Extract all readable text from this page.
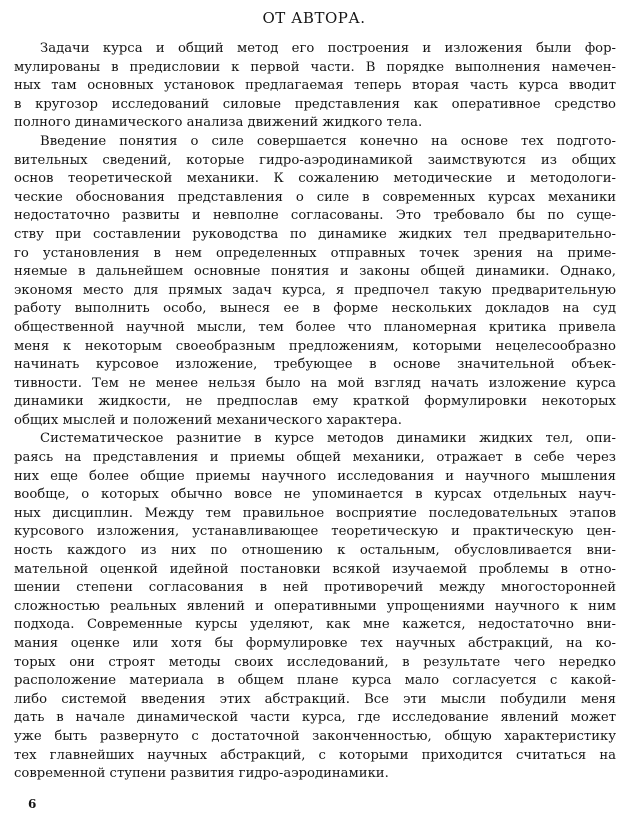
ОТ АВТОРА.
Задачи курса и общий метод его построения и изложения были фор-
мулированы в предисловии к первой части. В порядке выполнения намечен-
ных там основных установок предлагаемая теперь вторая часть курса вводит
в кругозор исследований силовые представления как оперативное средство
полного динамического анализа движений жидкого тела.
Введение понятия о силе совершается конечно на основе тех подгото-
вительных сведений, которые гидро-аэродинамикой заимствуются из общих
основ теоретической механики. К сожалению методические и методологи-
ческие обоснования представления о силе в современных курсах механики
недостаточно развиты и невполне согласованы. Это требовало бы по суще-
ству при составлении руководства по динамике жидких тел предварительно-
го установления в нем определенных отправных точек зрения на приме-
няемые в дальнейшем основные понятия и законы общей динамики. Однако,
экономя место для прямых задач курса, я предпочел такую предварительную
работу выполнить особо, вынеся ее в форме нескольких докладов на суд
общественной научной мысли, тем более что планомерная критика привела
меня к некоторым своеобразным предложениям, которыми нецелесообразно
начинать курсовое изложение, требующее в основе значительной объек-
тивности. Тем не менее нельзя было на мой взгляд начать изложение курса
динамики жидкости, не предпослав ему краткой формулировки некоторых
общих мыслей и положений механического характера.
Систематическое разнитие в курсе методов динамики жидких тел, опи-
раясь на представления и приемы общей механики, отражает в себе через
них еще более общие приемы научного исследования и научного мышления
вообще, о которых обычно вовсе не упоминается в курсах отдельных науч-
ных дисциплин. Между тем правильное восприятие последовательных этапов
курсового изложения, устанавливающее теоретическую и практическую цен-
ность каждого из них по отношению к остальным, обусловливается вни-
мательной оценкой идейной постановки всякой изучаемой проблемы в отно-
шении степени согласования в ней противоречий между многосторонней
сложностью реальных явлений и оперативными упрощениями научного к ним
подхода. Современные курсы уделяют, как мне кажется, недостаточно вни-
мания оценке или хотя бы формулировке тех научных абстракций, на ко-
торых они строят методы своих исследований, в результате чего нередко
расположение материала в общем плане курса мало согласуется с какой-
либо системой введения этих абстракций. Все эти мысли побудили меня
дать в начале динамической части курса, где исследование явлений может
уже быть развернуто с достаточной законченностью, общую характеристику
тех главнейших научных абстракций, с которыми приходится считаться на
современной ступени развития гидро-аэродинамики.
6
